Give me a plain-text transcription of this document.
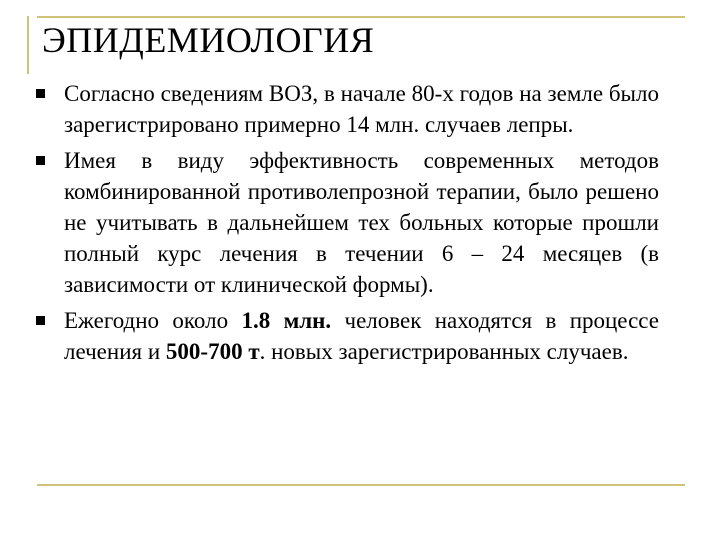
ЭПИДЕМИОЛОГИЯ
Согласно сведениям ВОЗ, в начале 80-х годов на земле было зарегистрировано примерно 14 млн. случаев лепры.
Имея в виду эффективность современных методов комбинированной противолепрозной терапии, было решено не учитывать в дальнейшем тех больных которые прошли полный курс лечения в течении 6 – 24 месяцев (в зависимости от клинической формы).
Ежегодно около 1.8 млн. человек находятся в процессе лечения и 500-700 т. новых зарегистрированных случаев.
